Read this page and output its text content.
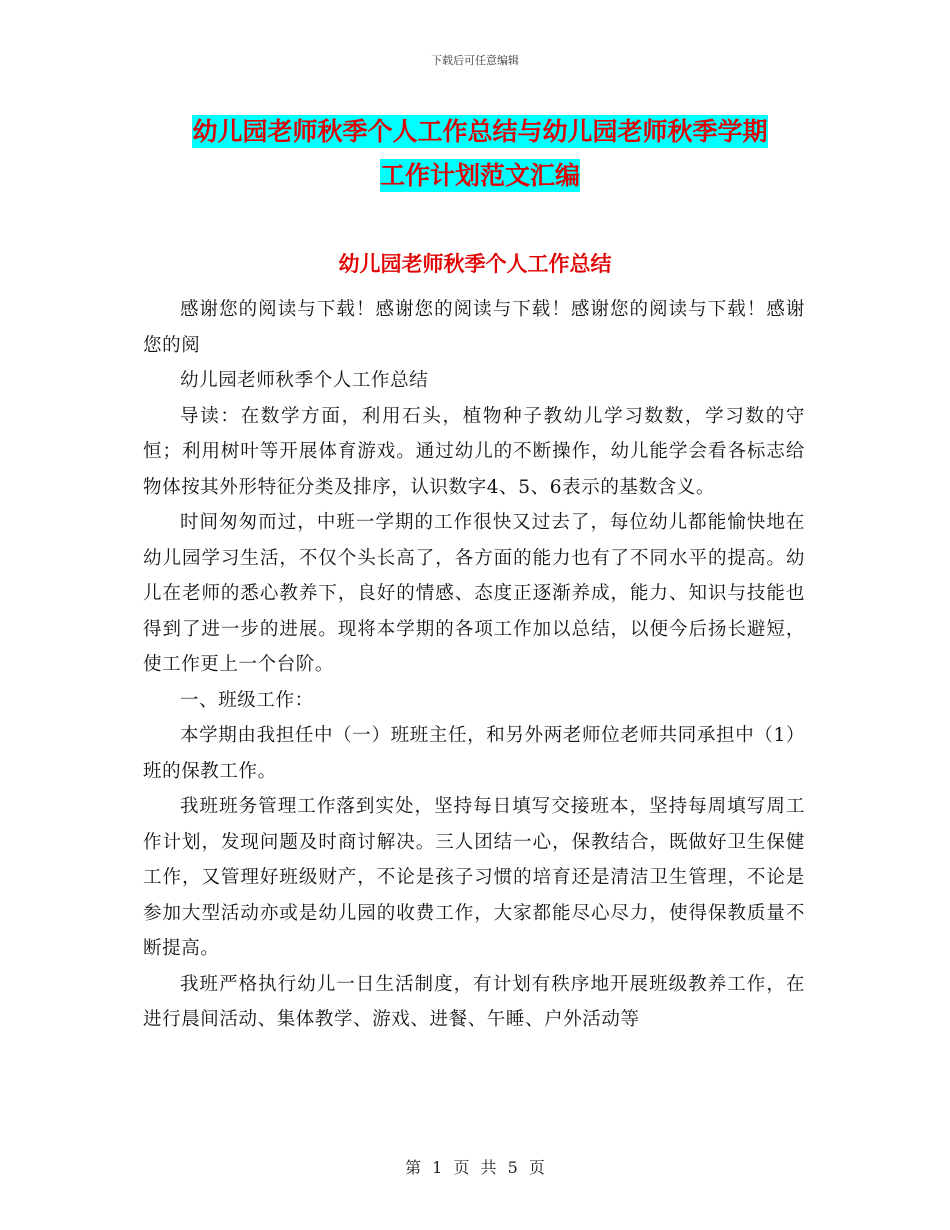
下载后可任意编辑
幼儿园老师秋季个人工作总结与幼儿园老师秋季学期
工作计划范文汇编
幼儿园老师秋季个人工作总结

感谢您的阅读与下载！感谢您的阅读与下载！感谢您的阅读与下载！感谢您的阅

幼儿园老师秋季个人工作总结

导读：在数学方面，利用石头，植物种子教幼儿学习数数，学习数的守恒；利用树叶等开展体育游戏。通过幼儿的不断操作，幼儿能学会看各标志给物体按其外形特征分类及排序，认识数字4、5、6表示的基数含义。

时间匆匆而过，中班一学期的工作很快又过去了，每位幼儿都能愉快地在幼儿园学习生活，不仅个头长高了，各方面的能力也有了不同水平的提高。幼儿在老师的悉心教养下，良好的情感、态度正逐渐养成，能力、知识与技能也得到了进一步的进展。现将本学期的各项工作加以总结，以便今后扬长避短，使工作更上一个台阶。

一、班级工作：

本学期由我担任中（一）班班主任，和另外两老师位老师共同承担中（1）班的保教工作。

我班班务管理工作落到实处，坚持每日填写交接班本，坚持每周填写周工作计划，发现问题及时商讨解决。三人团结一心，保教结合，既做好卫生保健工作，又管理好班级财产，不论是孩子习惯的培育还是清洁卫生管理，不论是参加大型活动亦或是幼儿园的收费工作，大家都能尽心尽力，使得保教质量不断提高。

我班严格执行幼儿一日生活制度，有计划有秩序地开展班级教养工作，在进行晨间活动、集体教学、游戏、进餐、午睡、户外活动等

第 1 页 共 5 页
